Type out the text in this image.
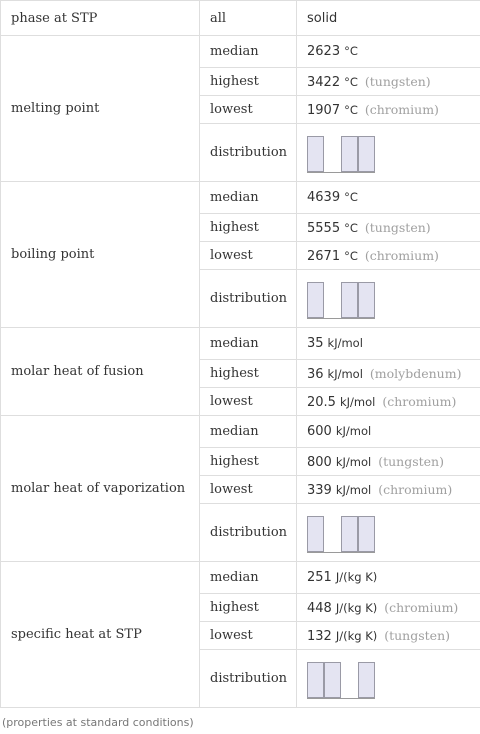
phase at STP	all	solid
melting point	median	2623 °C
	highest	3422 °C (tungsten)
	lowest	1907 °C (chromium)
	distribution	

boiling point	median	4639 °C
	highest	5555 °C (tungsten)
	lowest	2671 °C (chromium)
	distribution	

molar heat of fusion	median	35 kJ/mol
	highest	36 kJ/mol (molybdenum)
	lowest	20.5 kJ/mol (chromium)
molar heat of vaporization	median	600 kJ/mol
	highest	800 kJ/mol (tungsten)
	lowest	339 kJ/mol (chromium)
	distribution	

specific heat at STP	median	251 J/(kg K)
	highest	448 J/(kg K) (chromium)
	lowest	132 J/(kg K) (tungsten)
	distribution	
(properties at standard conditions)
